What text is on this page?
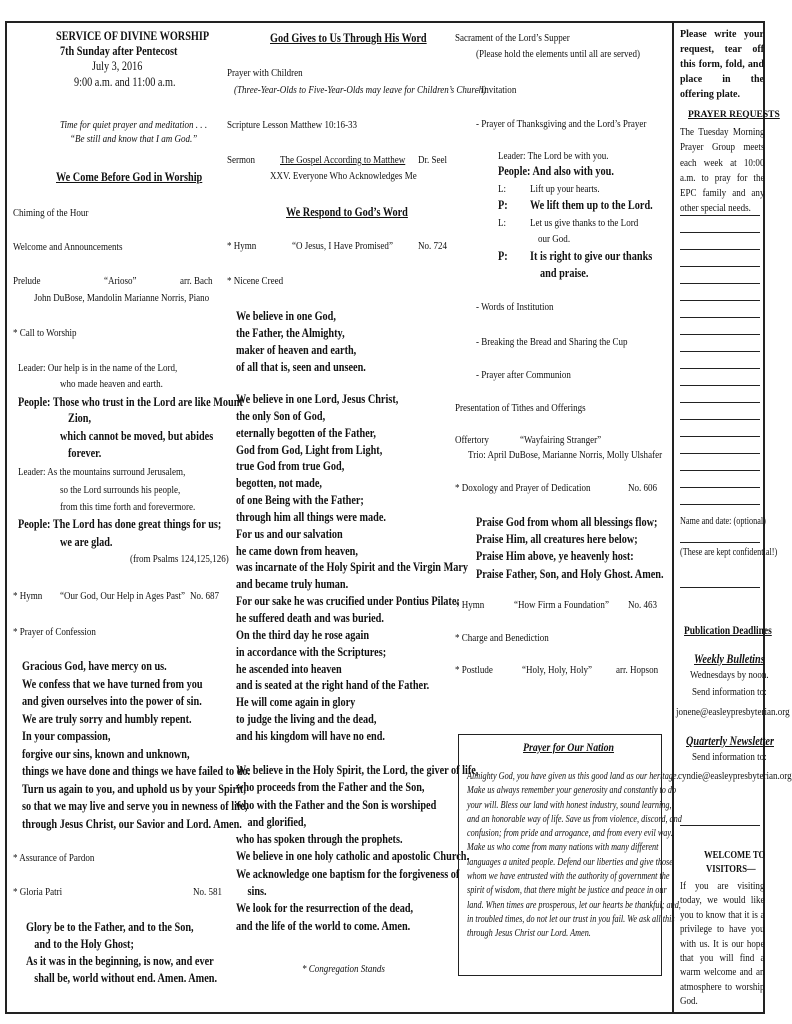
SERVICE OF DIVINE WORSHIP
7th Sunday after Pentecost
July 3, 2016
9:00 a.m. and 11:00 a.m.
Time for quiet prayer and meditation . . .
“Be still and know that I am God.”
We Come Before God in Worship
Chiming of the Hour
Welcome and Announcements
Prelude	“Arioso”	arr. Bach
John DuBose, Mandolin Marianne Norris, Piano
* Call to Worship
Leader: Our help is in the name of the Lord,
who made heaven and earth.
People: Those who trust in the Lord are like Mount
Zion,
which cannot be moved, but abides
forever.
Leader: As the mountains surround Jerusalem,
so the Lord surrounds his people,
from this time forth and forevermore.
People: The Lord has done great things for us;
we are glad.
(from Psalms 124,125,126)
* Hymn “Our God, Our Help in Ages Past” No. 687
* Prayer of Confession
Gracious God, have mercy on us.
We confess that we have turned from you
and given ourselves into the power of sin.
We are truly sorry and humbly repent.
In your compassion,
forgive our sins, known and unknown,
things we have done and things we have failed to do.
Turn us again to you, and uphold us by your Spirit,
so that we may live and serve you in newness of life,
through Jesus Christ, our Savior and Lord. Amen.
* Assurance of Pardon
* Gloria Patri	No. 581
Glory be to the Father, and to the Son,
and to the Holy Ghost;
As it was in the beginning, is now, and ever
shall be, world without end. Amen. Amen.
God Gives to Us Through His Word
Prayer with Children
(Three-Year-Olds to Five-Year-Olds may leave for Children’s Church)
Scripture Lesson Matthew 10:16-33
Sermon The Gospel According to Matthew Dr. Seel
XXV. Everyone Who Acknowledges Me
We Respond to God’s Word
* Hymn	“O Jesus, I Have Promised” No. 724
* Nicene Creed
We believe in one God,
the Father, the Almighty,
maker of heaven and earth,
of all that is, seen and unseen.
We believe in one Lord, Jesus Christ,
the only Son of God,
eternally begotten of the Father,
God from God, Light from Light,
true God from true God,
begotten, not made,
of one Being with the Father;
through him all things were made.
For us and our salvation
he came down from heaven,
was incarnate of the Holy Spirit and the Virgin Mary
and became truly human.
For our sake he was crucified under Pontius Pilate;
he suffered death and was buried.
On the third day he rose again
in accordance with the Scriptures;
he ascended into heaven
and is seated at the right hand of the Father.
He will come again in glory
to judge the living and the dead,
and his kingdom will have no end.
We believe in the Holy Spirit, the Lord, the giver of life,
who proceeds from the Father and the Son,
who with the Father and the Son is worshiped
and glorified,
who has spoken through the prophets.
We believe in one holy catholic and apostolic Church.
We acknowledge one baptism for the forgiveness of
sins.
We look for the resurrection of the dead,
and the life of the world to come. Amen.
* Congregation Stands
Sacrament of the Lord’s Supper
(Please hold the elements until all are served)
- Invitation
- Prayer of Thanksgiving and the Lord’s Prayer
Leader: The Lord be with you.
People: And also with you.
L: Lift up your hearts.
P: We lift them up to the Lord.
L: Let us give thanks to the Lord
our God.
P: It is right to give our thanks
and praise.
- Words of Institution
- Breaking the Bread and Sharing the Cup
- Prayer after Communion
Presentation of Tithes and Offerings
Offertory	“Wayfairing Stranger”
Trio: April DuBose, Marianne Norris, Molly Ulshafer
* Doxology and Prayer of Dedication	No. 606
Praise God from whom all blessings flow;
Praise Him, all creatures here below;
Praise Him above, ye heavenly host:
Praise Father, Son, and Holy Ghost. Amen.
* Hymn	“How Firm a Foundation” No. 463
* Charge and Benediction
* Postlude	“Holy, Holy, Holy” arr. Hopson
Prayer for Our Nation
Almighty God, you have given us this good land as our heritage.
Make us always remember your generosity and constantly to do
your will. Bless our land with honest industry, sound learning,
and an honorable way of life. Save us from violence, discord, and
confusion; from pride and arrogance, and from every evil way.
Make us who come from many nations with many different
languages a united people. Defend our liberties and give those
whom we have entrusted with the authority of government the
spirit of wisdom, that there might be justice and peace in our
land. When times are prosperous, let our hearts be thankful; and,
in troubled times, do not let our trust in you fail. We ask all this
through Jesus Christ our Lord. Amen.
Please write your request, tear off this form, fold, and place in the offering plate.
PRAYER REQUESTS
The Tuesday Morning Prayer Group meets each week at 10:00 a.m. to pray for the EPC family and any other special needs.
Name and date: (optional)
(These are kept confidential!)
Publication Deadlines
Weekly Bulletins
Wednesdays by noon.
Send information to:
jonene@easleypresbyterian.org
Quarterly Newsletter
Send information to:
cyndie@easleypresbyterian.org
WELCOME TO
VISITORS—
If you are visiting today, we would like you to know that it is a privilege to have you with us. It is our hope that you will find a warm welcome and an atmosphere to worship God.
